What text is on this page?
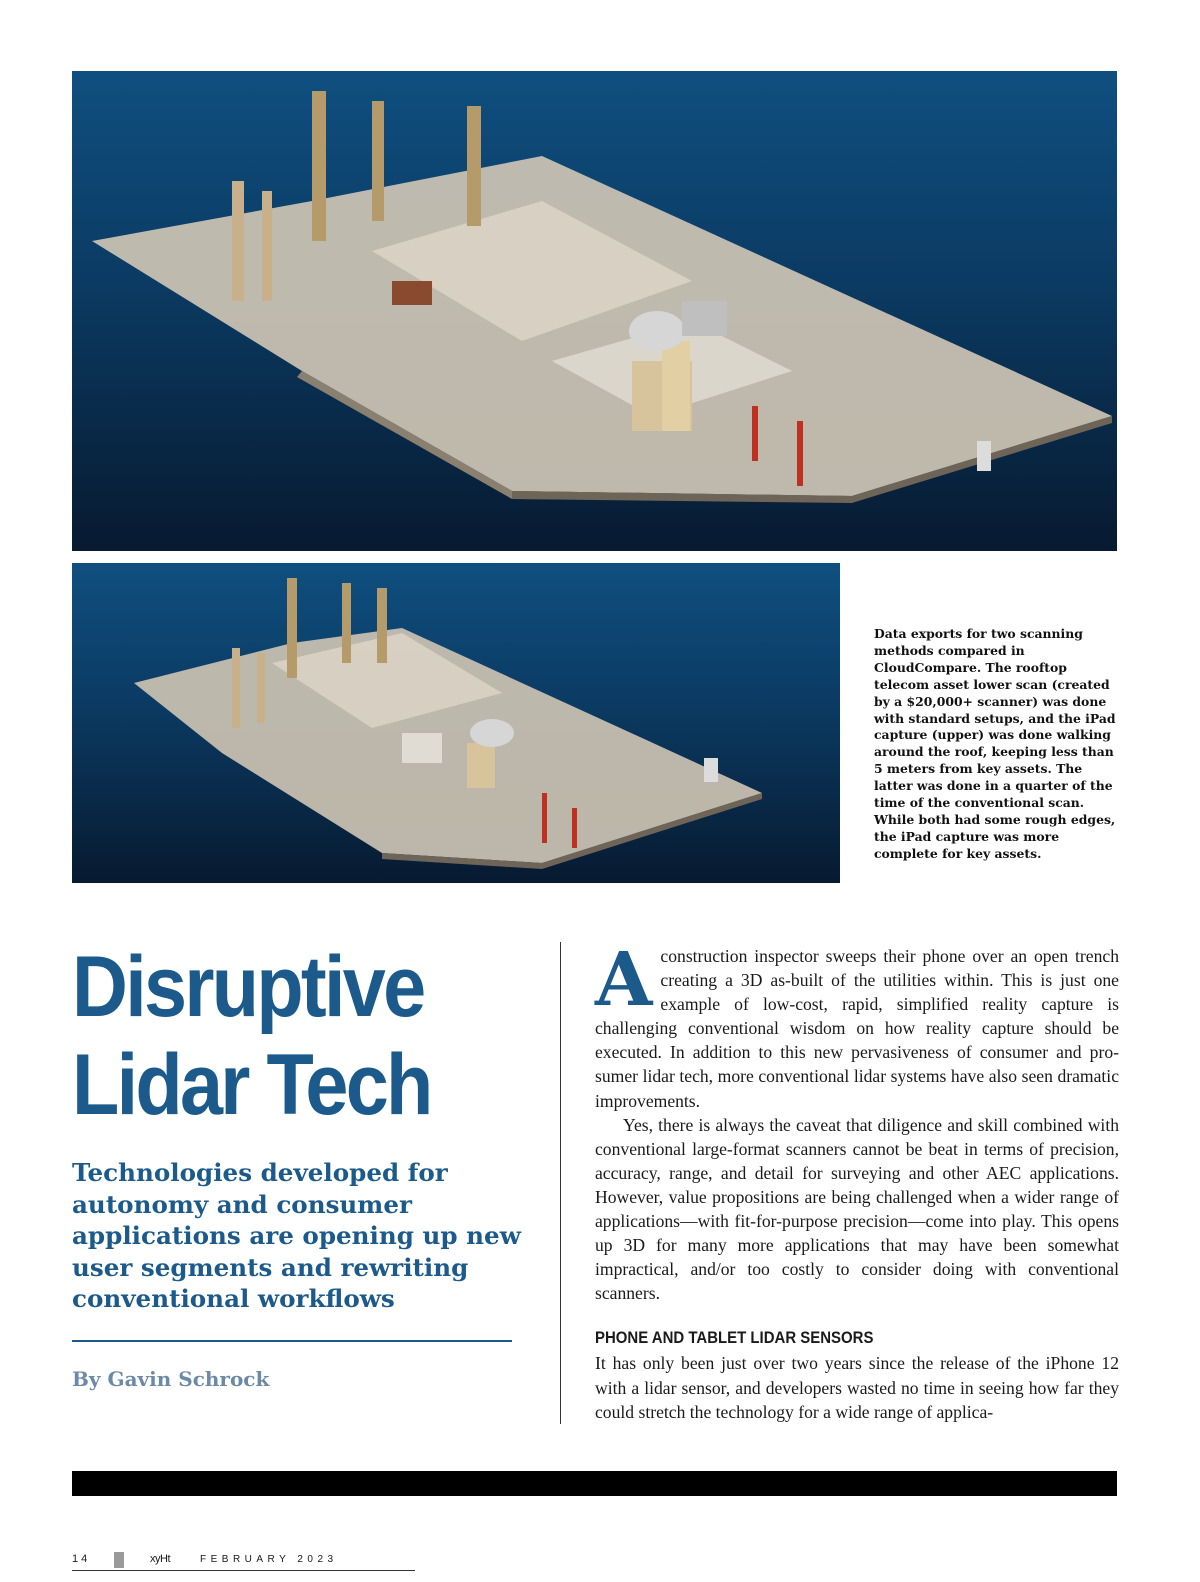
Data exports for two scanning methods compared in CloudCompare. The rooftop telecom asset lower scan (created by a $20,000+ scanner) was done with standard setups, and the iPad capture (upper) was done walking around the roof, keeping less than 5 meters from key assets. The latter was done in a quarter of the time of the conventional scan. While both had some rough edges, the iPad capture was more complete for key assets.
Disruptive
Lidar Tech
Technologies developed for autonomy and consumer applications are opening up new user segments and rewriting conventional workflows
By Gavin Schrock

Aconstruction inspector sweeps their phone over an open trench creating a 3D as-built of the utilities within. This is just one example of low-cost, rapid, simplified reality capture is challenging conventional wisdom on how reality capture should be executed. In addition to this new pervasiveness of consumer and pro-sumer lidar tech, more conventional lidar systems have also seen dramatic improvements.

Yes, there is always the caveat that diligence and skill combined with conventional large-format scanners cannot be beat in terms of precision, accuracy, range, and detail for surveying and other AEC applications. However, value propositions are being challenged when a wider range of applications—with fit-for-purpose precision—come into play. This opens up 3D for many more applications that may have been somewhat impractical, and/or too costly to consider doing with conventional scanners.

PHONE AND TABLET LIDAR SENSORS

It has only been just over two years since the release of the iPhone 12 with a lidar sensor, and developers wasted no time in seeing how far they could stretch the technology for a wide range of applica-

14	xyHt	FEBRUARY 2023
